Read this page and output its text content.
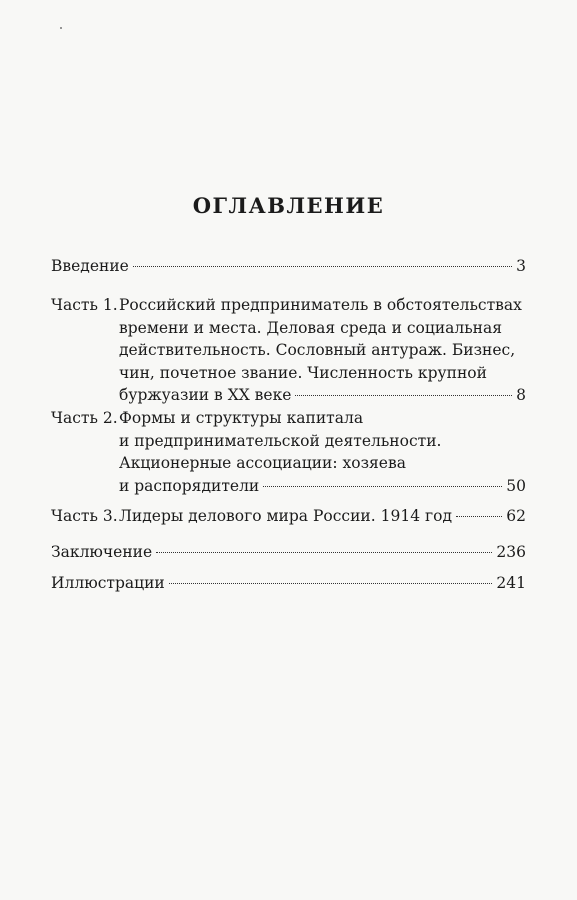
ОГЛАВЛЕНИЕ
Введение	3
Часть 1. Российский предприниматель в обстоятельствах
времени и места. Деловая среда и социальная
действительность. Сословный антураж. Бизнес,
чин, почетное звание. Численность крупной
буржуазии в XX веке	8
Часть 2. Формы и структуры капитала
и предпринимательской деятельности.
Акционерные ассоциации: хозяева
и распорядители	50
Часть 3. Лидеры делового мира России. 1914 год	62
Заключение	236
Иллюстрации	241
